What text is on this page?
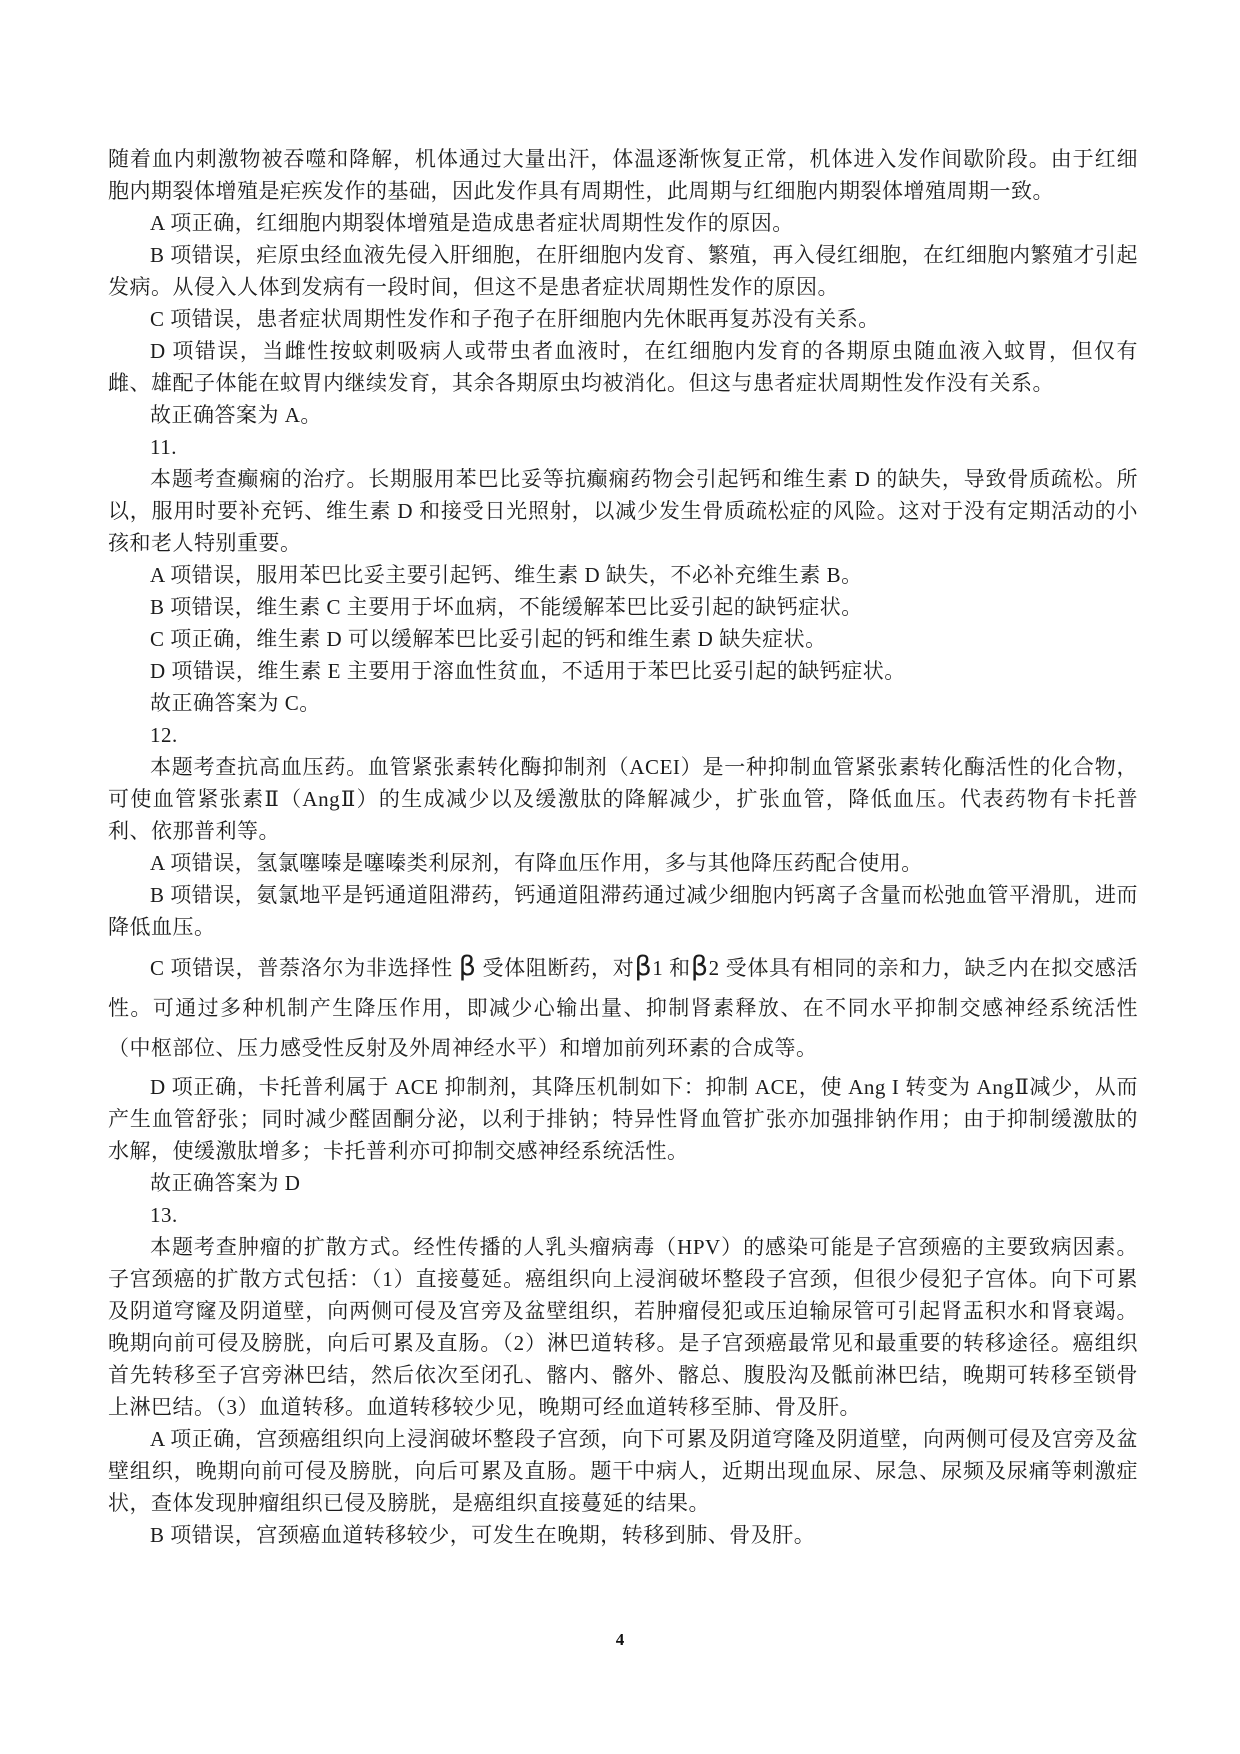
随着血内刺激物被吞噬和降解，机体通过大量出汗，体温逐渐恢复正常，机体进入发作间歇阶段。由于红细胞内期裂体增殖是疟疾发作的基础，因此发作具有周期性，此周期与红细胞内期裂体增殖周期一致。

A 项正确，红细胞内期裂体增殖是造成患者症状周期性发作的原因。

B 项错误，疟原虫经血液先侵入肝细胞，在肝细胞内发育、繁殖，再入侵红细胞，在红细胞内繁殖才引起发病。从侵入人体到发病有一段时间，但这不是患者症状周期性发作的原因。

C 项错误，患者症状周期性发作和子孢子在肝细胞内先休眠再复苏没有关系。

D 项错误，当雌性按蚊刺吸病人或带虫者血液时，在红细胞内发育的各期原虫随血液入蚊胃，但仅有雌、雄配子体能在蚊胃内继续发育，其余各期原虫均被消化。但这与患者症状周期性发作没有关系。

故正确答案为 A。

11.

本题考查癫痫的治疗。长期服用苯巴比妥等抗癫痫药物会引起钙和维生素 D 的缺失，导致骨质疏松。所以，服用时要补充钙、维生素 D 和接受日光照射，以减少发生骨质疏松症的风险。这对于没有定期活动的小孩和老人特别重要。

A 项错误，服用苯巴比妥主要引起钙、维生素 D 缺失，不必补充维生素 B。

B 项错误，维生素 C 主要用于坏血病，不能缓解苯巴比妥引起的缺钙症状。

C 项正确，维生素 D 可以缓解苯巴比妥引起的钙和维生素 D 缺失症状。

D 项错误，维生素 E 主要用于溶血性贫血，不适用于苯巴比妥引起的缺钙症状。

故正确答案为 C。

12.

本题考查抗高血压药。血管紧张素转化酶抑制剂（ACEI）是一种抑制血管紧张素转化酶活性的化合物，可使血管紧张素Ⅱ（AngⅡ）的生成减少以及缓激肽的降解减少，扩张血管，降低血压。代表药物有卡托普利、依那普利等。

A 项错误，氢氯噻嗪是噻嗪类利尿剂，有降血压作用，多与其他降压药配合使用。

B 项错误，氨氯地平是钙通道阻滞药，钙通道阻滞药通过减少细胞内钙离子含量而松弛血管平滑肌，进而降低血压。

C 项错误，普萘洛尔为非选择性 β 受体阻断药，对β1 和β2 受体具有相同的亲和力，缺乏内在拟交感活性。可通过多种机制产生降压作用，即减少心输出量、抑制肾素释放、在不同水平抑制交感神经系统活性（中枢部位、压力感受性反射及外周神经水平）和增加前列环素的合成等。

D 项正确，卡托普利属于 ACE 抑制剂，其降压机制如下：抑制 ACE，使 Ang I 转变为 AngⅡ减少，从而产生血管舒张；同时减少醛固酮分泌，以利于排钠；特异性肾血管扩张亦加强排钠作用；由于抑制缓激肽的水解，使缓激肽增多；卡托普利亦可抑制交感神经系统活性。

故正确答案为 D

13.

本题考查肿瘤的扩散方式。经性传播的人乳头瘤病毒（HPV）的感染可能是子宫颈癌的主要致病因素。子宫颈癌的扩散方式包括：（1）直接蔓延。癌组织向上浸润破坏整段子宫颈，但很少侵犯子宫体。向下可累及阴道穹窿及阴道壁，向两侧可侵及宫旁及盆壁组织，若肿瘤侵犯或压迫输尿管可引起肾盂积水和肾衰竭。晚期向前可侵及膀胱，向后可累及直肠。（2）淋巴道转移。是子宫颈癌最常见和最重要的转移途径。癌组织首先转移至子宫旁淋巴结，然后依次至闭孔、髂内、髂外、髂总、腹股沟及骶前淋巴结，晚期可转移至锁骨上淋巴结。（3）血道转移。血道转移较少见，晚期可经血道转移至肺、骨及肝。

A 项正确，宫颈癌组织向上浸润破坏整段子宫颈，向下可累及阴道穹隆及阴道壁，向两侧可侵及宫旁及盆壁组织，晚期向前可侵及膀胱，向后可累及直肠。题干中病人，近期出现血尿、尿急、尿频及尿痛等刺激症状，查体发现肿瘤组织已侵及膀胱，是癌组织直接蔓延的结果。

B 项错误，宫颈癌血道转移较少，可发生在晚期，转移到肺、骨及肝。

4
